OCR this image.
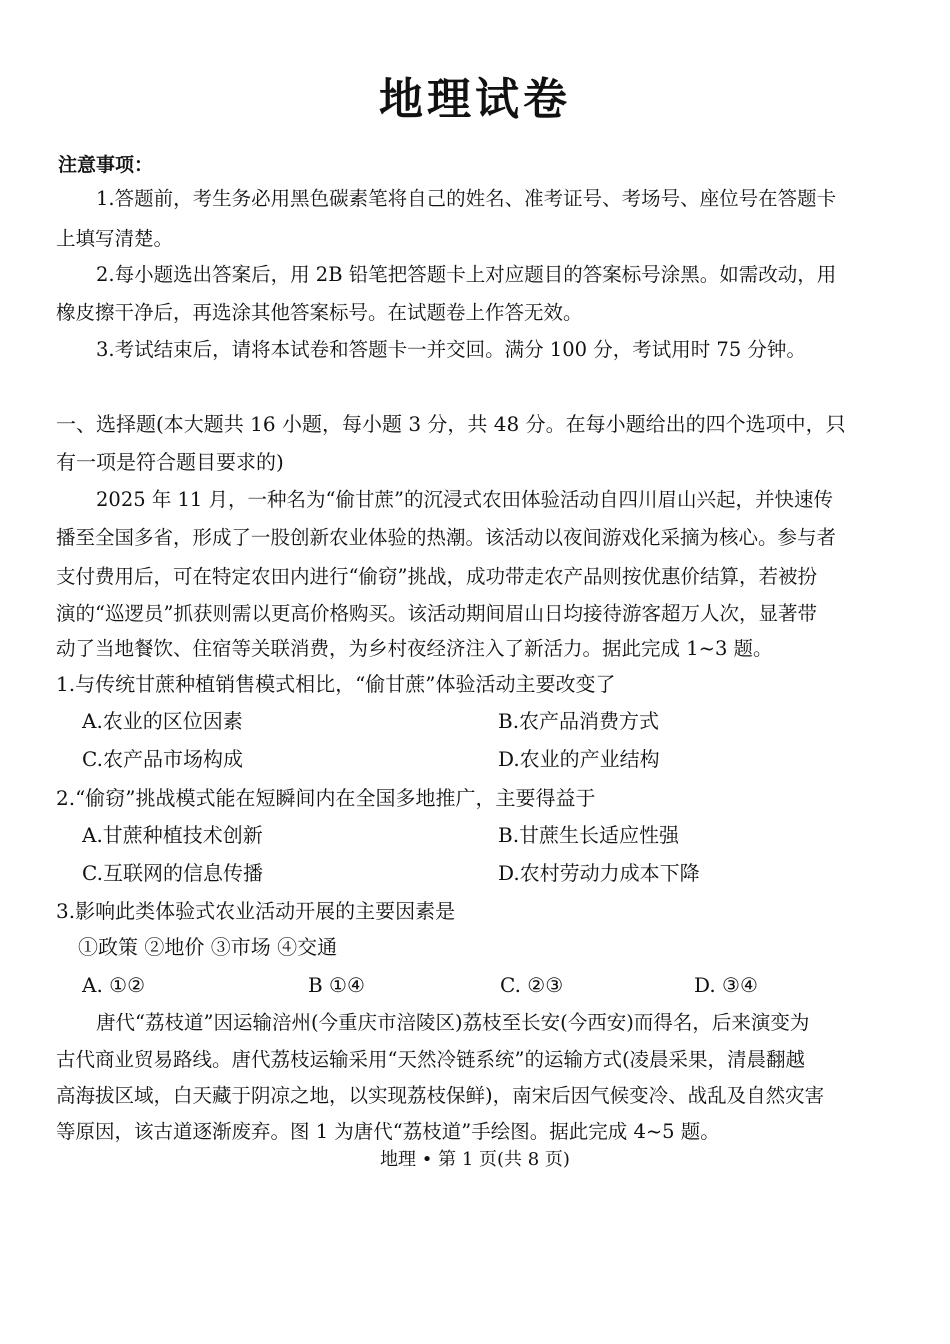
地理试卷
注意事项：
1.答题前，考生务必用黑色碳素笔将自己的姓名、准考证号、考场号、座位号在答题卡
上填写清楚。
2.每小题选出答案后，用 2B 铅笔把答题卡上对应题目的答案标号涂黑。如需改动，用
橡皮擦干净后，再选涂其他答案标号。在试题卷上作答无效。
3.考试结束后，请将本试卷和答题卡一并交回。满分 100 分，考试用时 75 分钟。
一、选择题(本大题共 16 小题，每小题 3 分，共 48 分。在每小题给出的四个选项中，只
有一项是符合题目要求的)
2025 年 11 月，一种名为“偷甘蔗”的沉浸式农田体验活动自四川眉山兴起，并快速传
播至全国多省，形成了一股创新农业体验的热潮。该活动以夜间游戏化采摘为核心。参与者
支付费用后，可在特定农田内进行“偷窃”挑战，成功带走农产品则按优惠价结算，若被扮
演的“巡逻员”抓获则需以更高价格购买。该活动期间眉山日均接待游客超万人次，显著带
动了当地餐饮、住宿等关联消费，为乡村夜经济注入了新活力。据此完成 1~3 题。
1.与传统甘蔗种植销售模式相比，“偷甘蔗”体验活动主要改变了
A.农业的区位因素	B.农产品消费方式
C.农产品市场构成	D.农业的产业结构
2.“偷窃”挑战模式能在短瞬间内在全国多地推广，主要得益于
A.甘蔗种植技术创新	B.甘蔗生长适应性强
C.互联网的信息传播	D.农村劳动力成本下降
3.影响此类体验式农业活动开展的主要因素是
①政策 ②地价 ③市场 ④交通
A. ①②	B ①④	C. ②③	D. ③④
唐代“荔枝道”因运输涪州(今重庆市涪陵区)荔枝至长安(今西安)而得名，后来演变为
古代商业贸易路线。唐代荔枝运输采用“天然冷链系统”的运输方式(凌晨采果，清晨翻越
高海拔区域，白天藏于阴凉之地，以实现荔枝保鲜)，南宋后因气候变冷、战乱及自然灾害
等原因，该古道逐渐废弃。图 1 为唐代“荔枝道”手绘图。据此完成 4~5 题。
地理 • 第 1 页(共 8 页)
